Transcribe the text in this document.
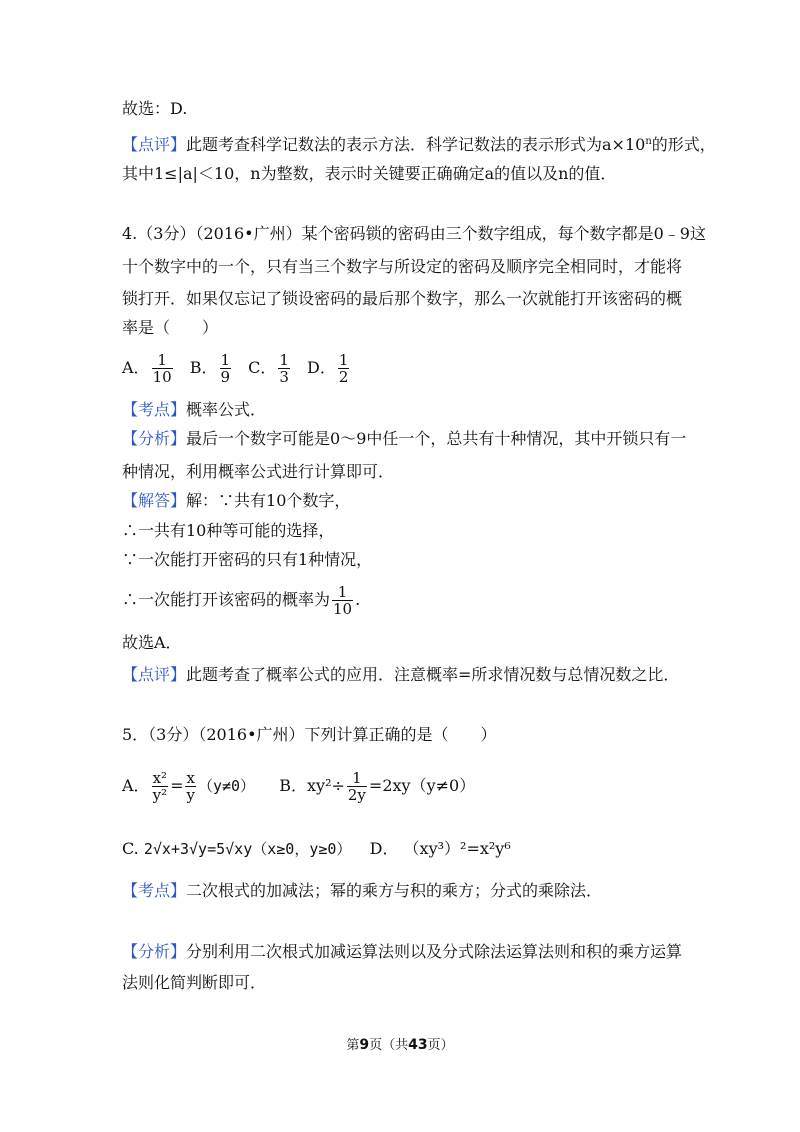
故选：D.
【点评】此题考查科学记数法的表示方法．科学记数法的表示形式为$a\times 10^n$的形式，
其中1≤|a|＜10，n为整数，表示时关键要正确确定a的值以及n的值．
4.（3分）（2016•广州）某个密码锁的密码由三个数字组成，每个数字都是0﹣9这
十个数字中的一个，只有当三个数字与所设定的密码及顺序完全相同时，才能将
锁打开．如果仅忘记了锁设密码的最后那个数字，那么一次就能打开该密码的概
率是（　　）
A． $\frac{1}{10}$ B． $\frac{1}{9}$ C． $\frac{1}{3}$ D． $\frac{1}{2}$
【考点】概率公式．
【分析】最后一个数字可能是0～9中任一个，总共有十种情况，其中开锁只有一
种情况，利用概率公式进行计算即可．
【解答】解：∵共有10个数字，
∴一共有10种等可能的选择，
∵一次能打开密码的只有1种情况，
∴一次能打开该密码的概率为 $\frac{1}{10}$ .
故选A．
【点评】此题考查了概率公式的应用．注意概率=所求情况数与总情况数之比．
5．（3分）（2016•广州）下列计算正确的是（　　）
A． $\frac{\text{x²}}{\text{y²}} = \frac{x}{y} (y\ne 0)$ B．$xy^2\div \frac{1}{2y} =2xy(y\ne 0)$
C. 2√x+3√y=5√xy（x≥0，y≥0） D． （xy³）²=x²y⁶
【考点】二次根式的加减法；幂的乘方与积的乘方；分式的乘除法．
【分析】分别利用二次根式加减运算法则以及分式除法运算法则和积的乘方运算
法则化简判断即可．
第9页（共43页）
